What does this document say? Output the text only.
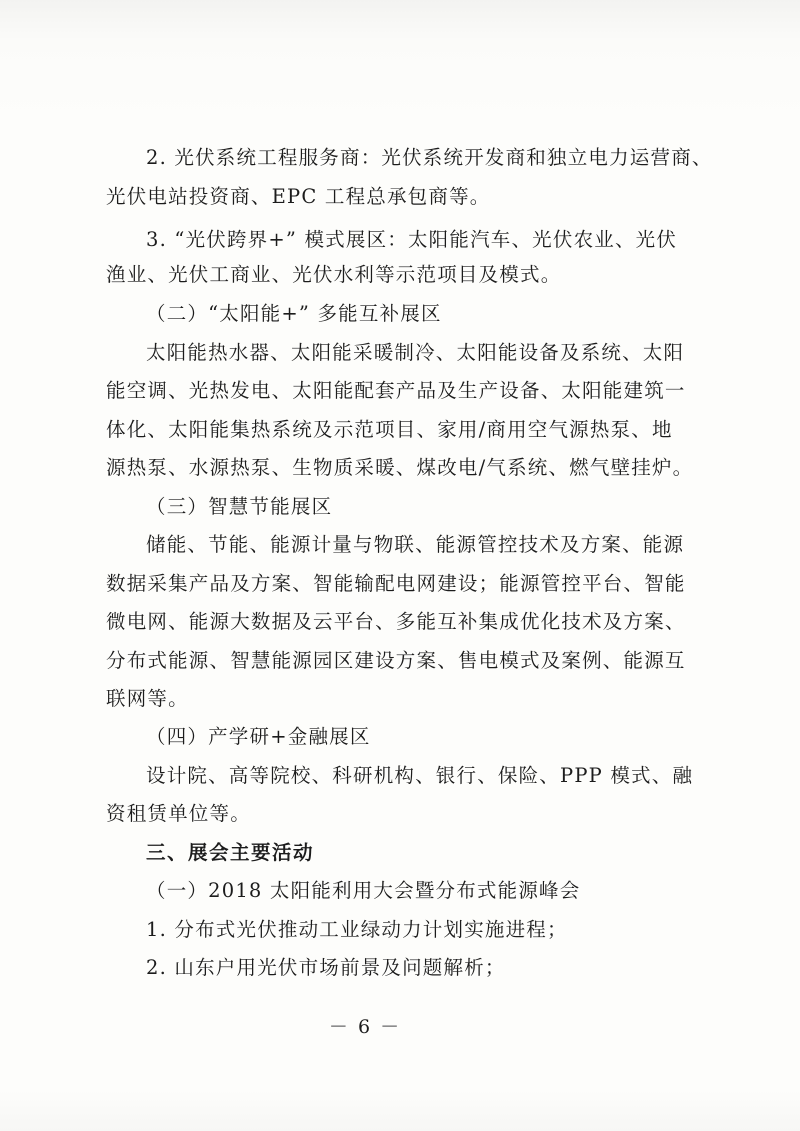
2. 光伏系统工程服务商：光伏系统开发商和独立电力运营商、
光伏电站投资商、EPC 工程总承包商等。
3. “光伏跨界+” 模式展区：太阳能汽车、光伏农业、光伏
渔业、光伏工商业、光伏水利等示范项目及模式。
（二）“太阳能+” 多能互补展区
太阳能热水器、太阳能采暖制冷、太阳能设备及系统、太阳
能空调、光热发电、太阳能配套产品及生产设备、太阳能建筑一
体化、太阳能集热系统及示范项目、家用/商用空气源热泵、地
源热泵、水源热泵、生物质采暖、煤改电/气系统、燃气壁挂炉。
（三）智慧节能展区
储能、节能、能源计量与物联、能源管控技术及方案、能源
数据采集产品及方案、智能输配电网建设；能源管控平台、智能
微电网、能源大数据及云平台、多能互补集成优化技术及方案、
分布式能源、智慧能源园区建设方案、售电模式及案例、能源互
联网等。
（四）产学研+金融展区
设计院、高等院校、科研机构、银行、保险、PPP 模式、融
资租赁单位等。
三、展会主要活动
（一）2018 太阳能利用大会暨分布式能源峰会
1. 分布式光伏推动工业绿动力计划实施进程；
2. 山东户用光伏市场前景及问题解析；
－ 6 －
